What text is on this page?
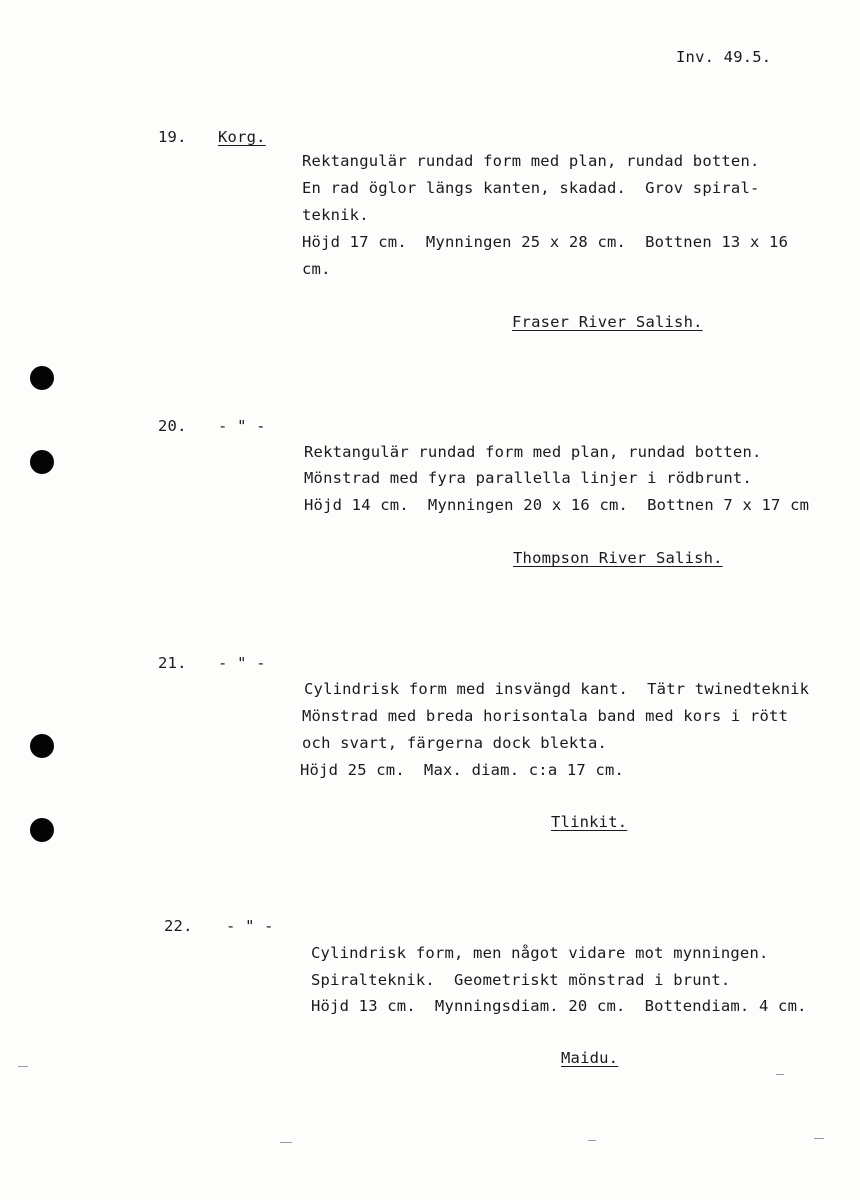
Inv. 49.5.
19. Korg.
Rektangulär rundad form med plan, rundad botten.
En rad öglor längs kanten, skadad.  Grov spiral-
teknik.
Höjd 17 cm.  Mynningen 25 x 28 cm.  Bottnen 13 x 16
cm.
Fraser River Salish.
20. - " -
Rektangulär rundad form med plan, rundad botten.
Mönstrad med fyra parallella linjer i rödbrunt.
Höjd 14 cm.  Mynningen 20 x 16 cm.  Bottnen 7 x 17 cm
Thompson River Salish.
21. - " -
Cylindrisk form med insvängd kant.  Tätr twinedteknik
Mönstrad med breda horisontala band med kors i rött
och svart, färgerna dock blekta.
Höjd 25 cm.  Max. diam. c:a 17 cm.
Tlinkit.
22. - " -
Cylindrisk form, men något vidare mot mynningen.
Spiralteknik.  Geometriskt mönstrad i brunt.
Höjd 13 cm.  Mynningsdiam. 20 cm.  Bottendiam. 4 cm.
Maidu.
